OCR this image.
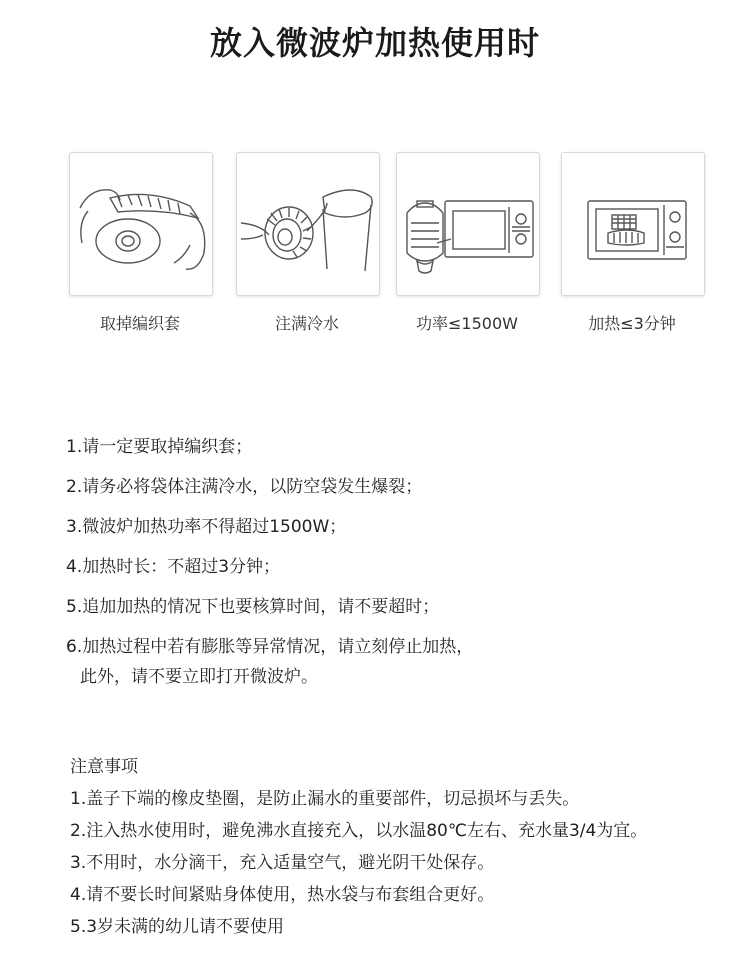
放入微波炉加热使用时
取掉编织套	注满冷水	功率≤1500W	加热≤3分钟
1.请一定要取掉编织套；
2.请务必将袋体注满冷水，以防空袋发生爆裂；
3.微波炉加热功率不得超过1500W；
4.加热时长：不超过3分钟；
5.追加加热的情况下也要核算时间，请不要超时；
6.加热过程中若有膨胀等异常情况，请立刻停止加热，
此外，请不要立即打开微波炉。
注意事项
1.盖子下端的橡皮垫圈，是防止漏水的重要部件，切忌损坏与丢失。
2.注入热水使用时，避免沸水直接充入，以水温80℃左右、充水量3/4为宜。
3.不用时，水分滴干，充入适量空气，避光阴干处保存。
4.请不要长时间紧贴身体使用，热水袋与布套组合更好。
5.3岁未满的幼儿请不要使用
